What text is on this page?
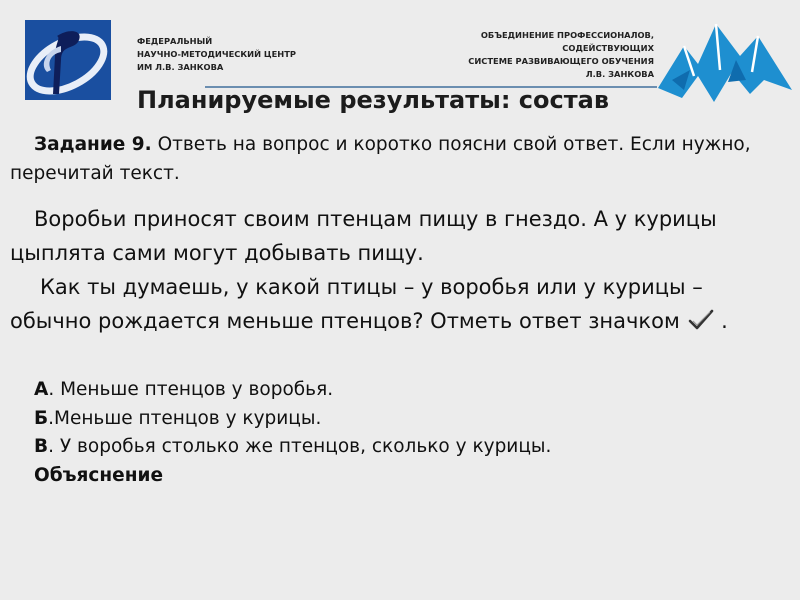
ФЕДЕРАЛЬНЫЙ
НАУЧНО-МЕТОДИЧЕСКИЙ ЦЕНТР
ИМ Л.В. ЗАНКОВА
ОБЪЕДИНЕНИЕ ПРОФЕССИОНАЛОВ,
СОДЕЙСТВУЮЩИХ
СИСТЕМЕ РАЗВИВАЮЩЕГО ОБУЧЕНИЯ
Л.В. ЗАНКОВА
Планируемые результаты: состав

Задание 9. Ответь на вопрос и коротко поясни свой ответ. Если нужно, перечитай текст.

Воробьи приносят своим птенцам пищу в гнездо. А у курицы цыплята сами могут добывать пищу.
Как ты думаешь, у какой птицы – у воробья или у курицы – обычно рождается меньше птенцов? Отметь ответ значком  .
А. Меньше птенцов у воробья.
Б.Меньше птенцов у курицы.
В. У воробья столько же птенцов, сколько у курицы.
Объяснение
